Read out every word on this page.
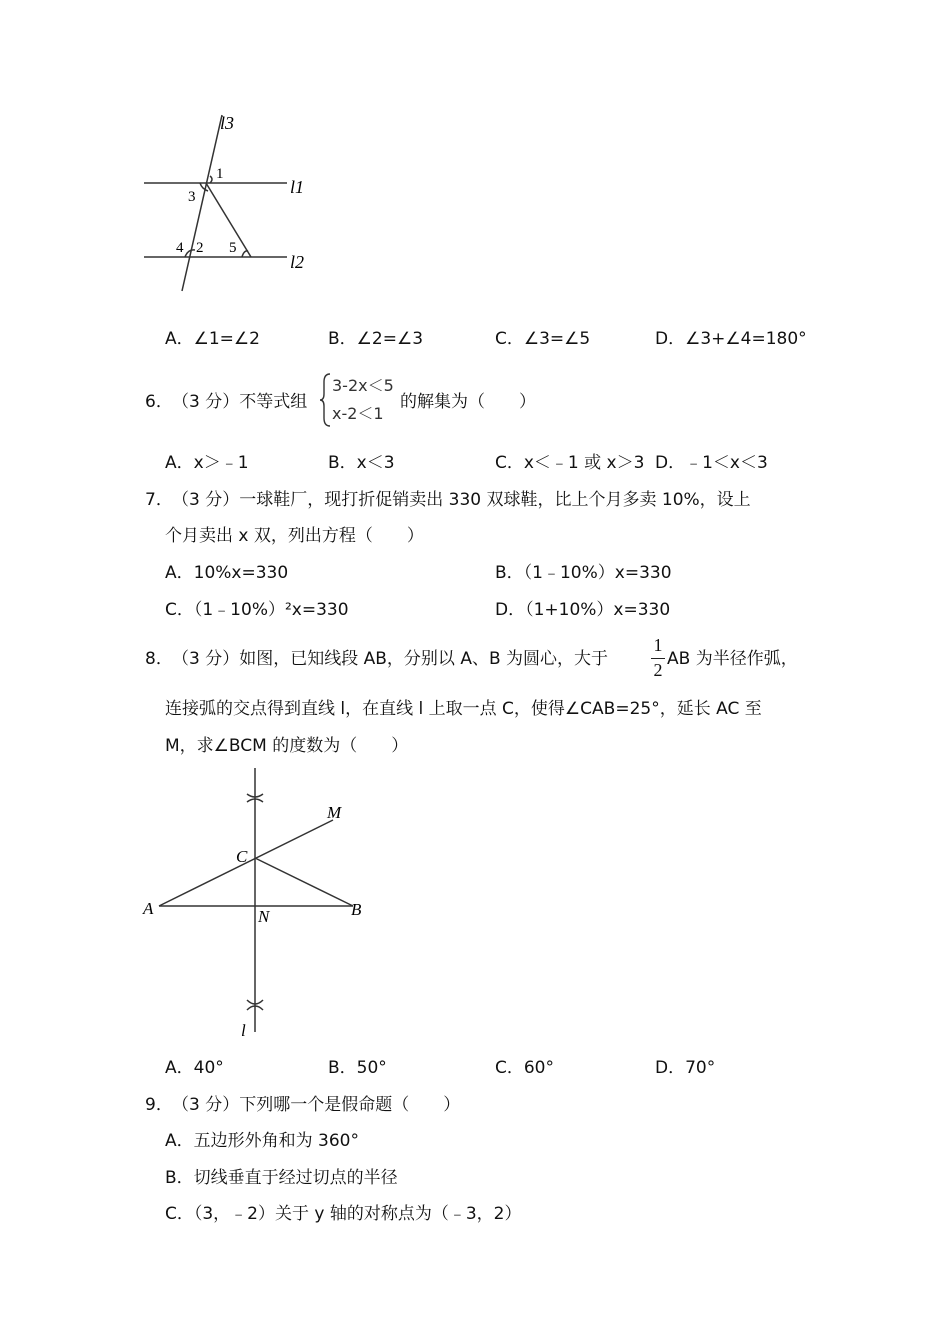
l3
l1
l2
1
3
4 2 5
A．∠1=∠2	B．∠2=∠3	C．∠3=∠5	D．∠3+∠4=180°
6． （3 分）不等式组
3-2x＜5
x-2＜1
的解集为（　　）
A．x＞﹣1	B．x＜3	C．x＜﹣1 或 x＞3 D．﹣1＜x＜3
7． （3 分）一球鞋厂，现打折促销卖出 330 双球鞋，比上个月多卖 10%，设上
个月卖出 x 双，列出方程（　　）
A．10%x=330	B．（1﹣10%）x=330
C．（1﹣10%）²x=330	D．（1+10%）x=330
8． （3 分）如图，已知线段 AB，分别以 A、B 为圆心，大于
1
2
AB 为半径作弧，
连接弧的交点得到直线 l，在直线 l 上取一点 C，使得∠CAB=25°，延长 AC 至
M，求∠BCM 的度数为（　　）
M
C
A	N	B
l
A．40°	B．50°	C．60°	D．70°
9． （3 分）下列哪一个是假命题（　　）
A．五边形外角和为 360°
B．切线垂直于经过切点的半径
C．（3，﹣2）关于 y 轴的对称点为（﹣3，2）
